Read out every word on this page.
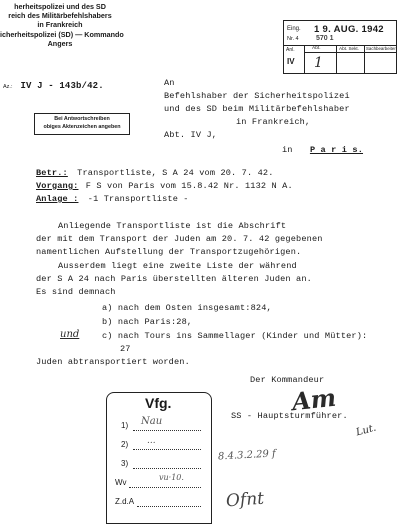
herheitspolizei und des SD
reich des Militärbefehlshabers
in Frankreich
icherheitspolizei (SD) — Kommando
Angers
Az.: IV J - 143b/42.
Bei Antwortschreiben
obiges Aktenzeichen angeben
Eing. 1 9. AUG. 1942
Nr. 4 570 1
Anl.
IV
Abt.	Abt. Sekt. Sachbearbeiter
1
An
Befehlshaber der Sicherheitspolizei
und des SD beim Militärbefehlshaber
in Frankreich,
Abt. IV J,
in P a r i s.
Betr.: Transportliste, S A 24 vom 20. 7. 42.
Vorgang: F S von Paris vom 15.8.42 Nr. 1132 N A.
Anlage : -1 Transportliste -
Anliegende Transportliste ist die Abschrift
der mit dem Transport der Juden am 20. 7. 42 gegebenen
namentlichen Aufstellung der Transportzugehörigen.
Ausserdem liegt eine zweite Liste der während
der S A 24 nach Paris überstellten älteren Juden an.
Es sind demnach
a) nach dem Osten insgesamt:824,
b) nach Paris:28,
und	c) nach Tours ins Sammellager (Kinder und Mütter):
27
Juden abtransportiert worden.
Der Kommandeur
Am
SS - Hauptsturmführer.
Lut.
Vfg.
1) Nau
2) ...
3)
Wv
vu·10.
Z.d.A
8.4.3.2.29 f
Ofnt
